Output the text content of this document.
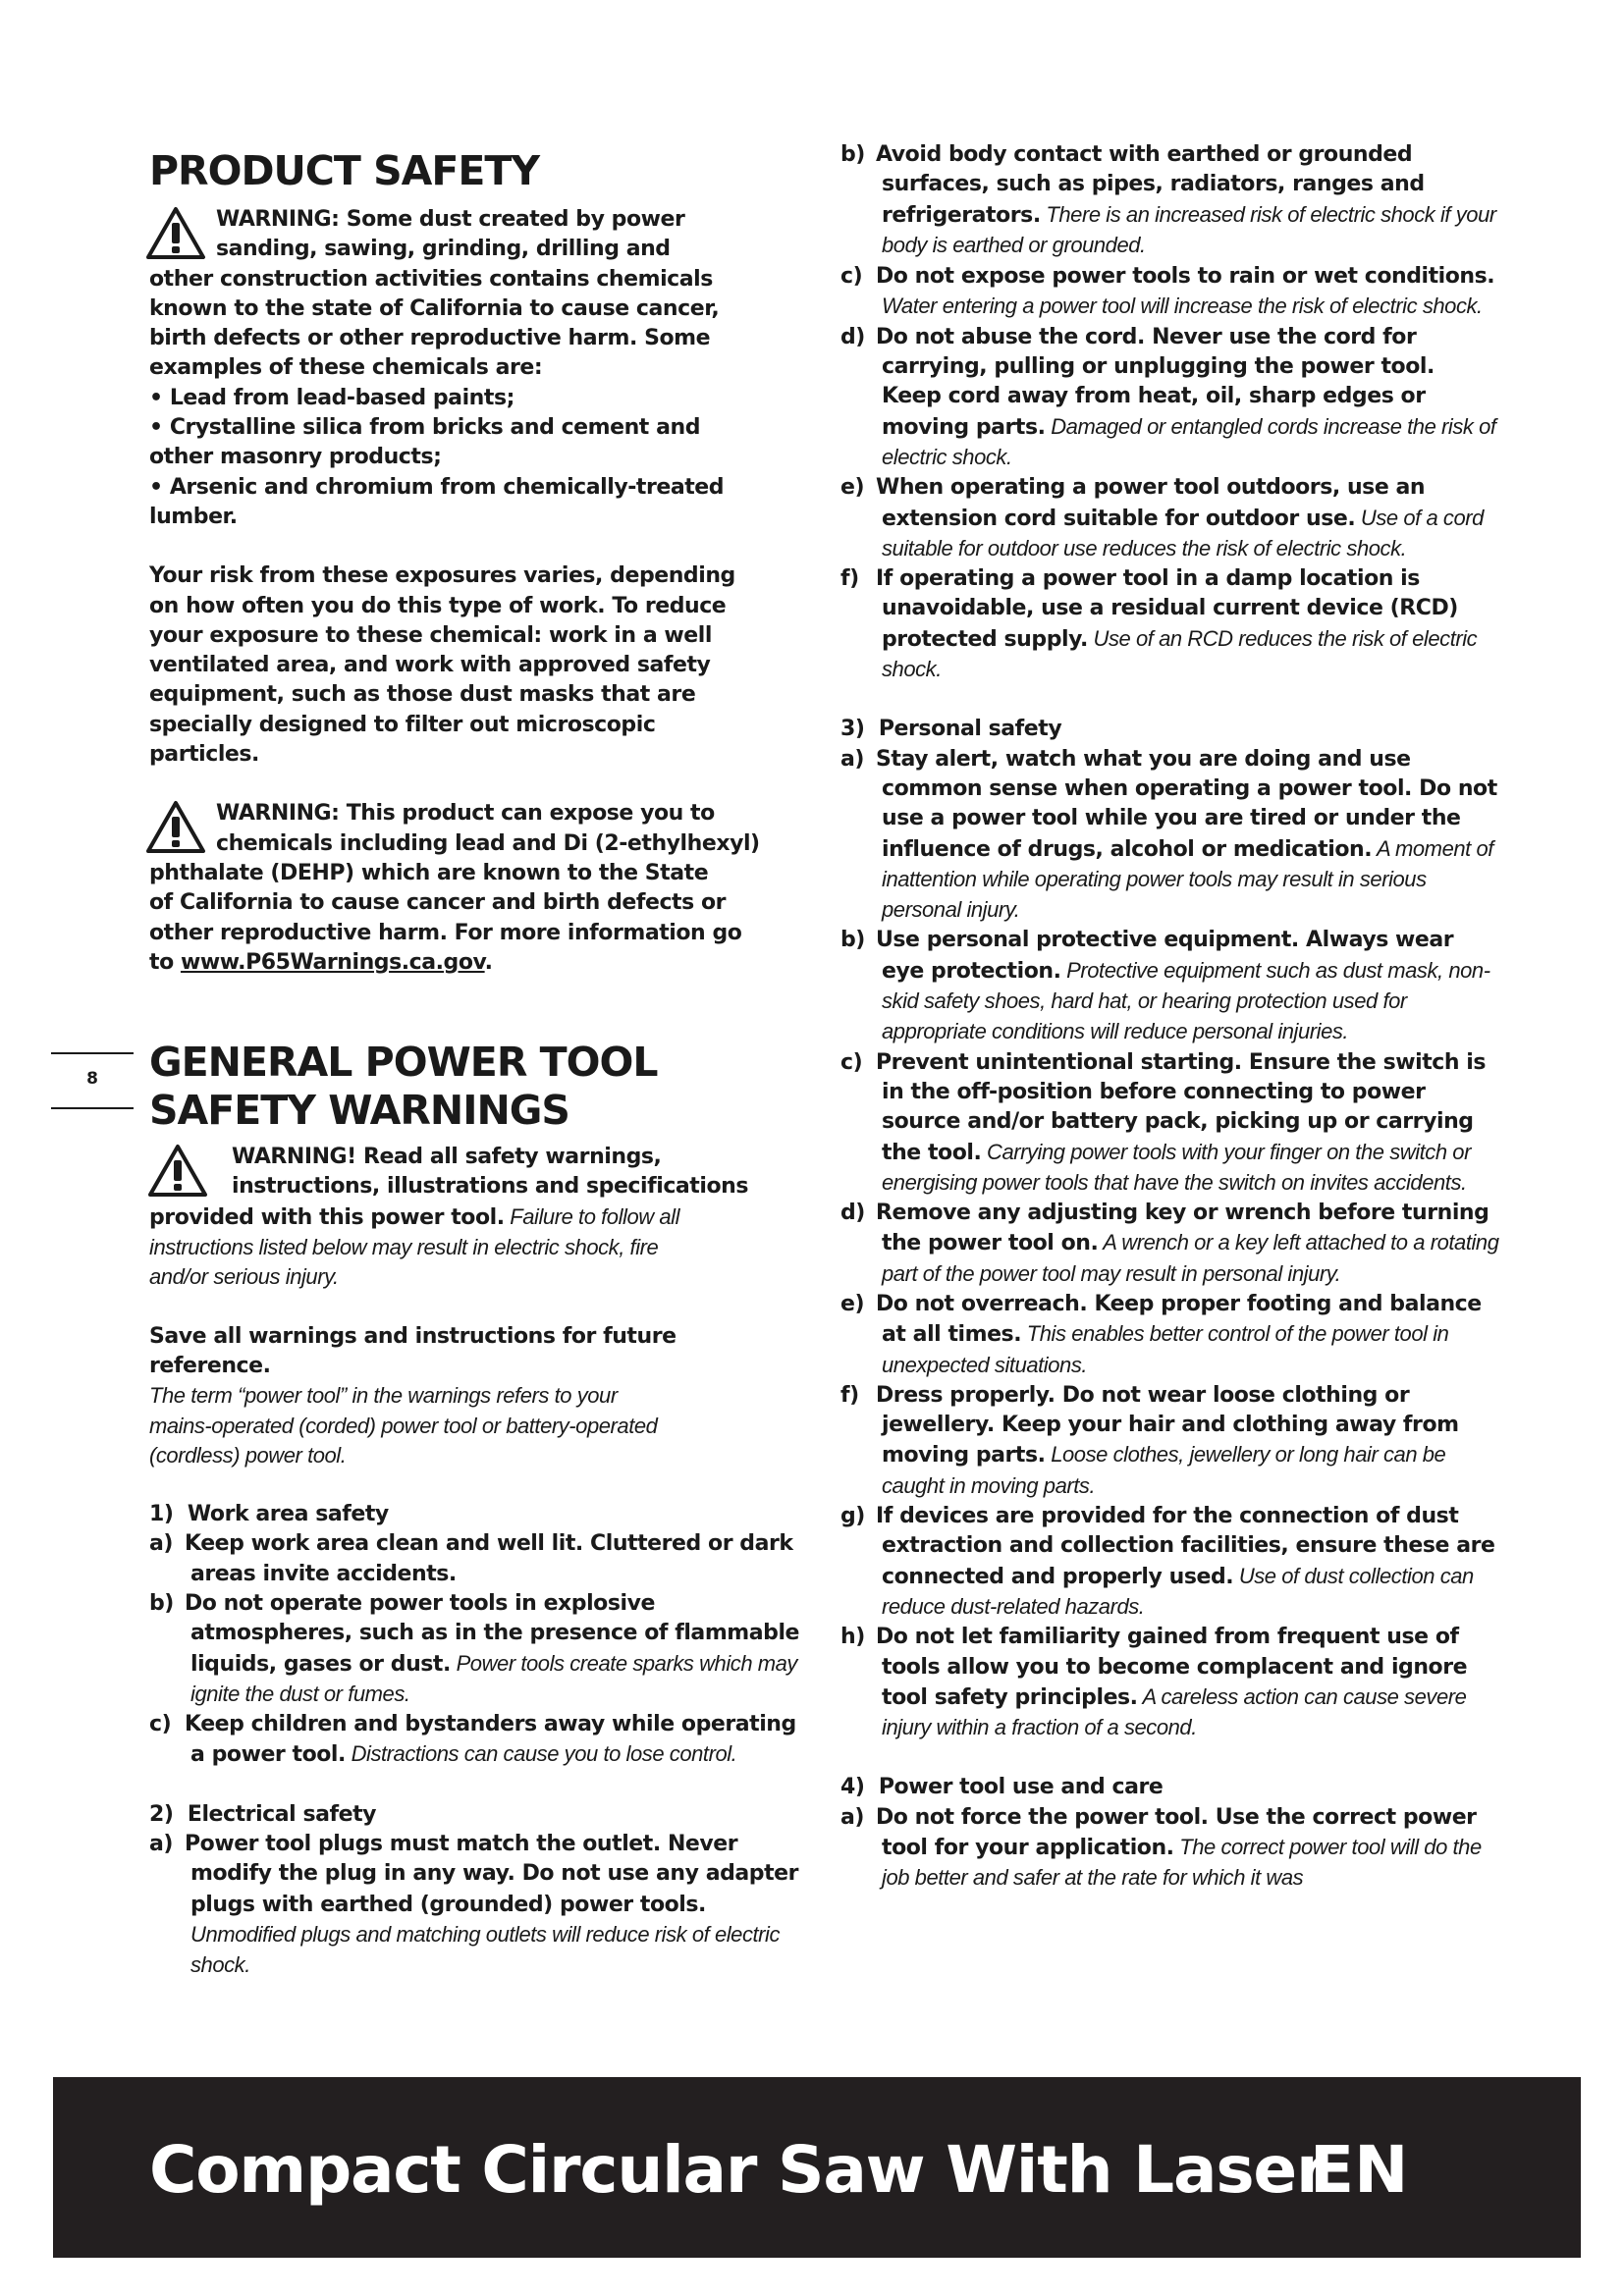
PRODUCT SAFETY
WARNING: Some dust created by power
sanding, sawing, grinding, drilling and
other construction activities contains chemicals
known to the state of California to cause cancer,
birth defects or other reproductive harm. Some
examples of these chemicals are:
• Lead from lead-based paints;
• Crystalline silica from bricks and cement and
other masonry products;
• Arsenic and chromium from chemically-treated
lumber.
Your risk from these exposures varies, depending
on how often you do this type of work. To reduce
your exposure to these chemical: work in a well
ventilated area, and work with approved safety
equipment, such as those dust masks that are
specially designed to filter out microscopic
particles.
WARNING: This product can expose you to
chemicals including lead and Di (2-ethylhexyl)
phthalate (DEHP) which are known to the State
of California to cause cancer and birth defects or
other reproductive harm. For more information go
to www.P65Warnings.ca.gov.
GENERAL POWER TOOL
SAFETY WARNINGS
WARNING! Read all safety warnings,
instructions, illustrations and specifications
provided with this power tool. Failure to follow all
instructions listed below may result in electric shock, fire
and/or serious injury.
Save all warnings and instructions for future
reference.
The term “power tool” in the warnings refers to your
mains-operated (corded) power tool or battery-operated
(cordless) power tool.
1)  Work area safety
a) Keep work area clean and well lit. Cluttered or dark areas invite accidents.
b) Do not operate power tools in explosive atmospheres, such as in the presence of flammable liquids, gases or dust. Power tools create sparks which may ignite the dust or fumes.
c) Keep children and bystanders away while operating a power tool. Distractions can cause you to lose control.
2)  Electrical safety
a) Power tool plugs must match the outlet. Never modify the plug in any way. Do not use any adapter plugs with earthed (grounded) power tools. Unmodified plugs and matching outlets will reduce risk of electric shock.
b) Avoid body contact with earthed or grounded surfaces, such as pipes, radiators, ranges and refrigerators. There is an increased risk of electric shock if your body is earthed or grounded.
c) Do not expose power tools to rain or wet conditions. Water entering a power tool will increase the risk of electric shock.
d) Do not abuse the cord. Never use the cord for carrying, pulling or unplugging the power tool. Keep cord away from heat, oil, sharp edges or moving parts. Damaged or entangled cords increase the risk of electric shock.
e) When operating a power tool outdoors, use an extension cord suitable for outdoor use. Use of a cord suitable for outdoor use reduces the risk of electric shock.
f) If operating a power tool in a damp location is unavoidable, use a residual current device (RCD) protected supply. Use of an RCD reduces the risk of electric shock.
3)  Personal safety
a) Stay alert, watch what you are doing and use common sense when operating a power tool. Do not use a power tool while you are tired or under the influence of drugs, alcohol or medication. A moment of inattention while operating power tools may result in serious personal injury.
b) Use personal protective equipment. Always wear eye protection. Protective equipment such as dust mask, non-skid safety shoes, hard hat, or hearing protection used for appropriate conditions will reduce personal injuries.
c) Prevent unintentional starting. Ensure the switch is in the off-position before connecting to power source and/or battery pack, picking up or carrying the tool. Carrying power tools with your finger on the switch or energising power tools that have the switch on invites accidents.
d) Remove any adjusting key or wrench before turning the power tool on. A wrench or a key left attached to a rotating part of the power tool may result in personal injury.
e) Do not overreach. Keep proper footing and balance at all times. This enables better control of the power tool in unexpected situations.
f) Dress properly. Do not wear loose clothing or jewellery. Keep your hair and clothing away from moving parts. Loose clothes, jewellery or long hair can be caught in moving parts.
g) If devices are provided for the connection of dust extraction and collection facilities, ensure these are connected and properly used. Use of dust collection can reduce dust-related hazards.
h) Do not let familiarity gained from frequent use of tools allow you to become complacent and ignore tool safety principles. A careless action can cause severe injury within a fraction of a second.
4)  Power tool use and care
a) Do not force the power tool. Use the correct power tool for your application. The correct power tool will do the job better and safer at the rate for which it was
8
Compact Circular Saw With Laser
EN
